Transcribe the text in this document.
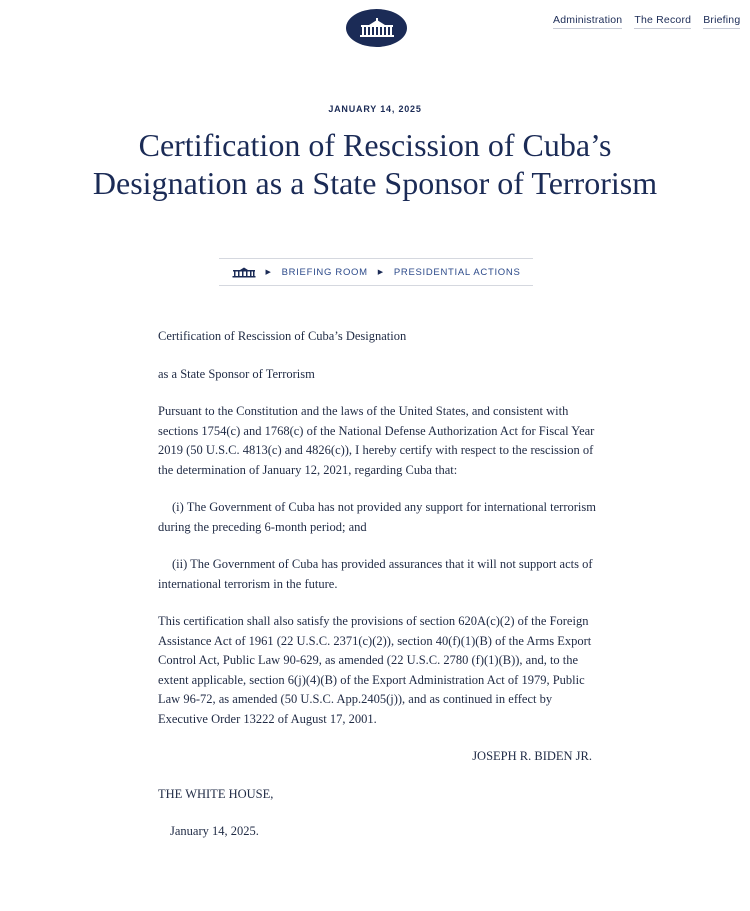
Administration The Record Briefing
JANUARY 14, 2025
Certification of Rescission of Cuba’s Designation as a State Sponsor of Terrorism
▶ BRIEFING ROOM ▶ PRESIDENTIAL ACTIONS

Certification of Rescission of Cuba’s Designation

as a State Sponsor of Terrorism

Pursuant to the Constitution and the laws of the United States, and consistent with sections 1754(c) and 1768(c) of the National Defense Authorization Act for Fiscal Year 2019 (50 U.S.C. 4813(c) and 4826(c)), I hereby certify with respect to the rescission of the determination of January 12, 2021, regarding Cuba that:

(i) The Government of Cuba has not provided any support for international terrorism during the preceding 6-month period; and

(ii) The Government of Cuba has provided assurances that it will not support acts of international terrorism in the future.

This certification shall also satisfy the provisions of section 620A(c)(2) of the Foreign Assistance Act of 1961 (22 U.S.C. 2371(c)(2)), section 40(f)(1)(B) of the Arms Export Control Act, Public Law 90-629, as amended (22 U.S.C. 2780 (f)(1)(B)), and, to the extent applicable, section 6(j)(4)(B) of the Export Administration Act of 1979, Public Law 96-72, as amended (50 U.S.C. App.2405(j)), and as continued in effect by Executive Order 13222 of August 17, 2001.

JOSEPH R. BIDEN JR.

THE WHITE HOUSE,

January 14, 2025.
